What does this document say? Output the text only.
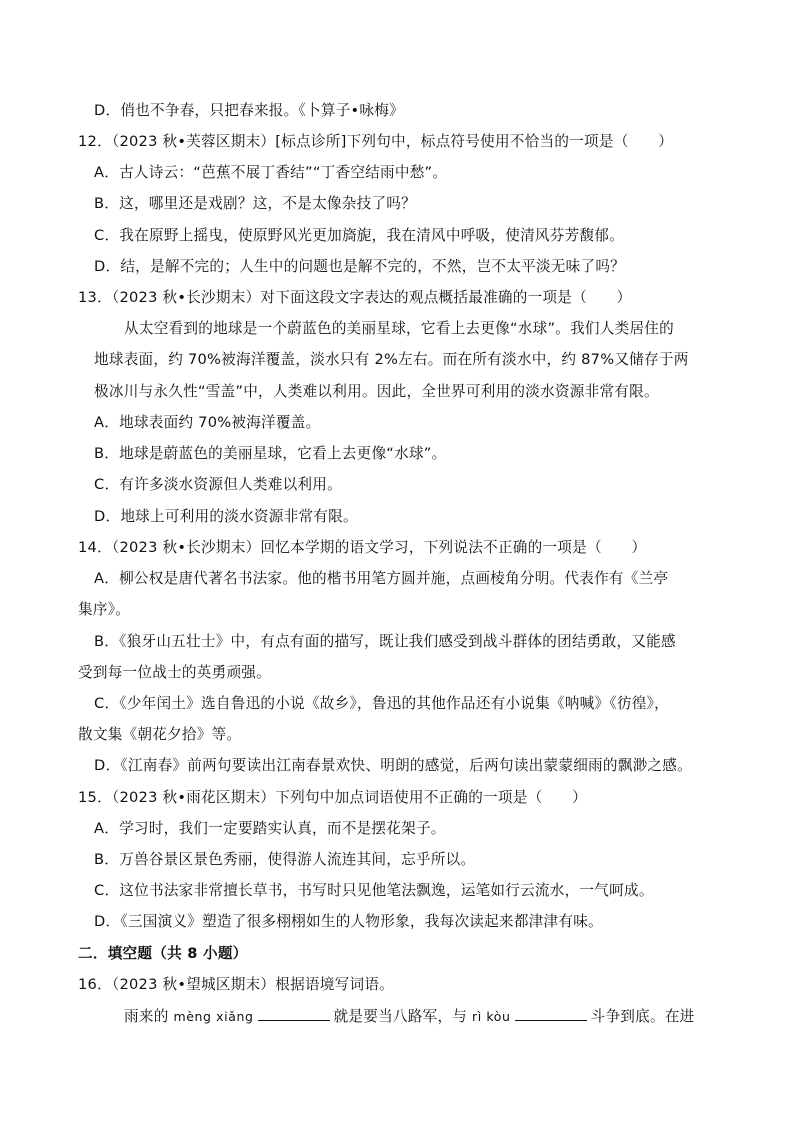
D．俏也不争春，只把春来报。《卜算子•咏梅》
12．（2023 秋•芙蓉区期末）[标点诊所]下列句中，标点符号使用不恰当的一项是（　　）
A．古人诗云：“芭蕉不展丁香结”“丁香空结雨中愁”。
B．这，哪里还是戏剧？这，不是太像杂技了吗？
C．我在原野上摇曳，使原野风光更加旖旎，我在清风中呼吸，使清风芬芳馥郁。
D．结，是解不完的；人生中的问题也是解不完的，不然，岂不太平淡无味了吗？
13．（2023 秋•长沙期末）对下面这段文字表达的观点概括最准确的一项是（　　）
从太空看到的地球是一个蔚蓝色的美丽星球，它看上去更像“水球”。我们人类居住的
地球表面，约 70%被海洋覆盖，淡水只有 2%左右。而在所有淡水中，约 87%又储存于两
极冰川与永久性“雪盖”中，人类难以利用。因此，全世界可利用的淡水资源非常有限。
A．地球表面约 70%被海洋覆盖。
B．地球是蔚蓝色的美丽星球，它看上去更像“水球”。
C．有许多淡水资源但人类难以利用。
D．地球上可利用的淡水资源非常有限。
14．（2023 秋•长沙期末）回忆本学期的语文学习，下列说法不正确的一项是（　　）
A．柳公权是唐代著名书法家。他的楷书用笔方圆并施，点画棱角分明。代表作有《兰亭
集序》。
B．《狼牙山五壮士》中，有点有面的描写，既让我们感受到战斗群体的团结勇敢，又能感
受到每一位战士的英勇顽强。
C．《少年闰土》选自鲁迅的小说《故乡》，鲁迅的其他作品还有小说集《呐喊》《彷徨》，
散文集《朝花夕拾》等。
D．《江南春》前两句要读出江南春景欢快、明朗的感觉，后两句读出蒙蒙细雨的飘渺之感。
15．（2023 秋•雨花区期末）下列句中加点词语使用不正确的一项是（　　）
A．学习时，我们一定要踏实认真，而不是摆花架子。
B．万兽谷景区景色秀丽，使得游人流连其间，忘乎所以。
C．这位书法家非常擅长草书，书写时只见他笔法飘逸，运笔如行云流水，一气呵成。
D．《三国演义》塑造了很多栩栩如生的人物形象，我每次读起来都津津有味。
二．填空题（共 8 小题）
16．（2023 秋•望城区期末）根据语境写词语。
雨来的 mèng xiǎng	就是要当八路军，与 rì kòu	斗争到底。在进
